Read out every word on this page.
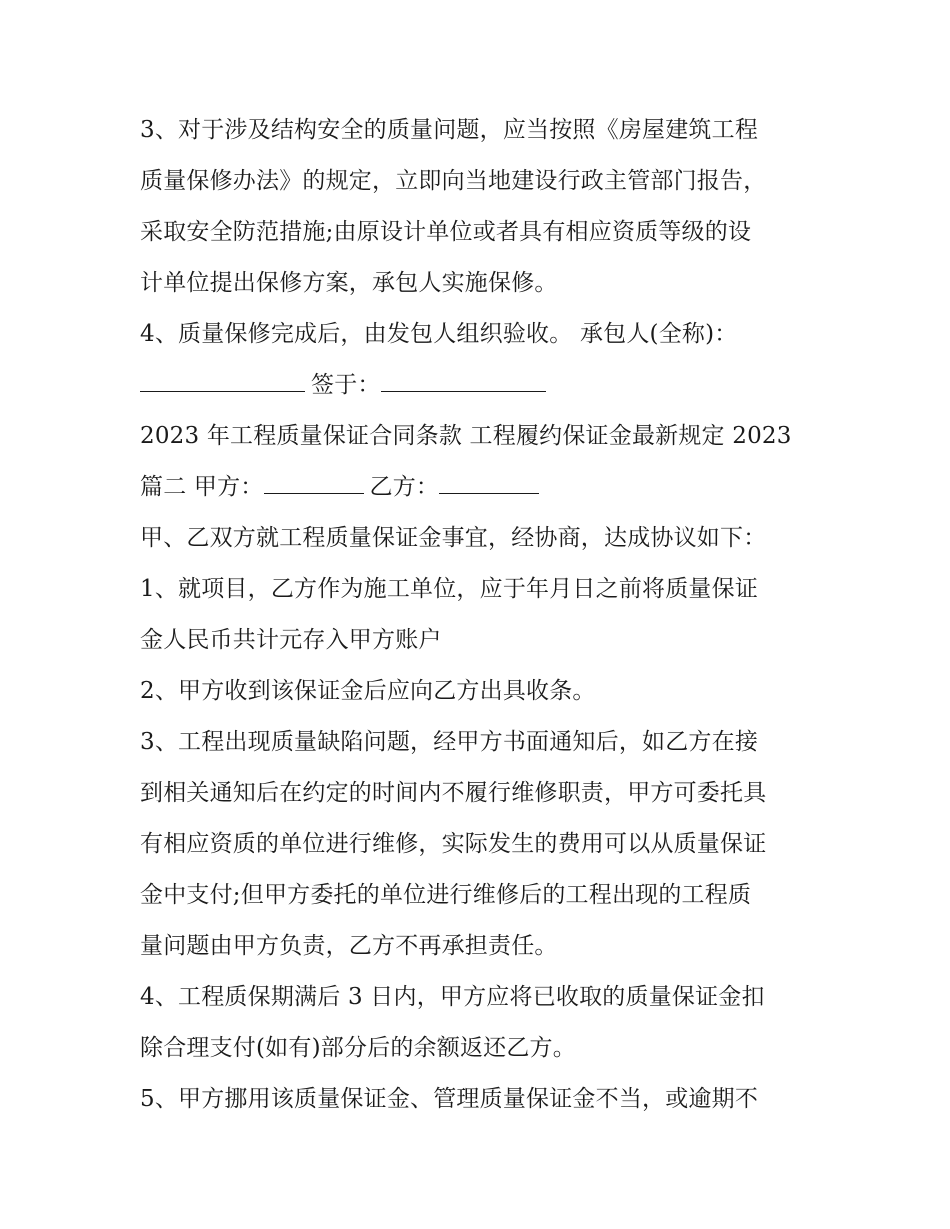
3、对于涉及结构安全的质量问题，应当按照《房屋建筑工程
质量保修办法》的规定，立即向当地建设行政主管部门报告，
采取安全防范措施;由原设计单位或者具有相应资质等级的设
计单位提出保修方案，承包人实施保修。
4、质量保修完成后，由发包人组织验收。 承包人(全称)：
签于：
2023 年工程质量保证合同条款 工程履约保证金最新规定 2023
篇二 甲方：	乙方：
甲、乙双方就工程质量保证金事宜，经协商，达成协议如下：
1、就项目，乙方作为施工单位，应于年月日之前将质量保证
金人民币共计元存入甲方账户
2、甲方收到该保证金后应向乙方出具收条。
3、工程出现质量缺陷问题，经甲方书面通知后，如乙方在接
到相关通知后在约定的时间内不履行维修职责，甲方可委托具
有相应资质的单位进行维修，实际发生的费用可以从质量保证
金中支付;但甲方委托的单位进行维修后的工程出现的工程质
量问题由甲方负责，乙方不再承担责任。
4、工程质保期满后 3 日内，甲方应将已收取的质量保证金扣
除合理支付(如有)部分后的余额返还乙方。
5、甲方挪用该质量保证金、管理质量保证金不当，或逾期不
